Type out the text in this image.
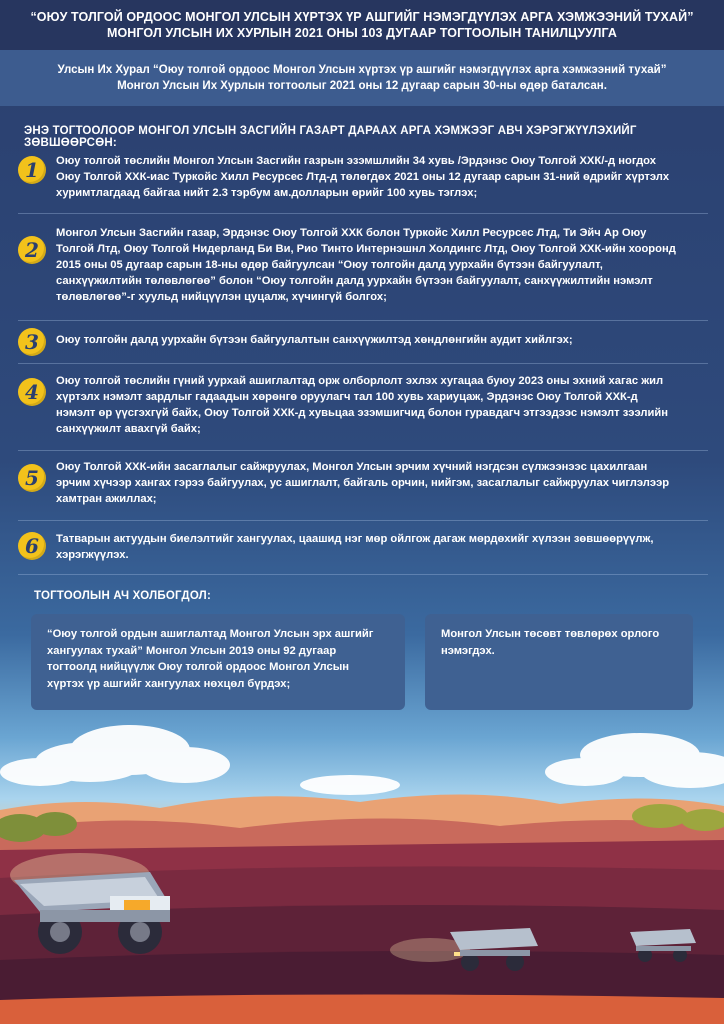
“ОЮУ ТОЛГОЙ ОРДООС МОНГОЛ УЛСЫН ХҮРТЭХ ҮР АШГИЙГ НЭМЭГДҮҮЛЭХ АРГА ХЭМЖЭЭНИЙ ТУХАЙ”
МОНГОЛ УЛСЫН ИХ ХУРЛЫН 2021 ОНЫ 103 ДУГААР ТОГТООЛЫН ТАНИЛЦУУЛГА
Улсын Их Хурал “Оюу толгой ордоос Монгол Улсын хүртэх үр ашгийг нэмэгдүүлэх арга хэмжээний тухай”
Монгол Улсын Их Хурлын тогтоолыг 2021 оны 12 дугаар сарын 30-ны өдөр баталсан.
ЭНЭ ТОГТООЛООР МОНГОЛ УЛСЫН ЗАСГИЙН ГАЗАРТ ДАРААХ АРГА ХЭМЖЭЭГ АВЧ ХЭРЭГЖҮҮЛЭХИЙГ ЗӨВШӨӨРСӨН:
1	Оюу толгой төслийн Монгол Улсын Засгийн газрын эзэмшлийн 34 хувь /Эрдэнэс Оюу Толгой ХХК/-д ногдох
Оюу Толгой ХХК-иас Туркойс Хилл Ресурсес Лтд-д төлөгдөх 2021 оны 12 дугаар сарын 31-ний өдрийг хүртэлх
хуримтлагдаад байгаа нийт 2.3 тэрбум ам.долларын өрийг 100 хувь тэглэх;
2
Монгол Улсын Засгийн газар, Эрдэнэс Оюу Толгой ХХК болон Туркойс Хилл Ресурсес Лтд, Ти Эйч Ар Оюу
Толгой Лтд, Оюу Толгой Нидерланд Би Ви, Рио Тинто Интернэшнл Холдингс Лтд, Оюу Толгой ХХК-ийн хооронд
2015 оны 05 дугаар сарын 18-ны өдөр байгуулсан “Оюу толгойн далд уурхайн бүтээн байгуулалт,
санхүүжилтийн төлөвлөгөө” болон “Оюу толгойн далд уурхайн бүтээн байгуулалт, санхүүжилтийн нэмэлт
төлөвлөгөө”-г хуульд нийцүүлэн цуцалж, хүчингүй болгох;
3	Оюу толгойн далд уурхайн бүтээн байгуулалтын санхүүжилтэд хөндлөнгийн аудит хийлгэх;
4	Оюу толгой төслийн гүний уурхай ашиглалтад орж олборлолт эхлэх хугацаа буюу 2023 оны эхний хагас жил
хүртэлх нэмэлт зардлыг гадаадын хөрөнгө оруулагч тал 100 хувь хариуцаж, Эрдэнэс Оюу Толгой ХХК-д
нэмэлт өр үүсгэхгүй байх, Оюу Толгой ХХК-д хувьцаа эзэмшигчид болон гуравдагч этгээдээс нэмэлт зээлийн
санхүүжилт авахгүй байх;
5	Оюу Толгой ХХК-ийн засаглалыг сайжруулах, Монгол Улсын эрчим хүчний нэгдсэн сүлжээнээс цахилгаан
эрчим хүчээр хангах гэрээ байгуулах, ус ашиглалт, байгаль орчин, нийгэм, засаглалыг сайжруулах чиглэлээр
хамтран ажиллах;
6	Татварын актуудын биелэлтийг хангуулах, цаашид нэг мөр ойлгож дагаж мөрдөхийг хүлээн зөвшөөрүүлж,
хэрэгжүүлэх.
ТОГТООЛЫН АЧ ХОЛБОГДОЛ:
“Оюу толгой ордын ашиглалтад Монгол Улсын эрх ашгийг
хангуулах тухай” Монгол Улсын 2019 оны 92 дугаар
тогтоолд нийцүүлж Оюу толгой ордоос Монгол Улсын
хүртэх үр ашгийг хангуулах нөхцөл бүрдэх;
Монгол Улсын төсөвт төвлөрөх орлого
нэмэгдэх.
